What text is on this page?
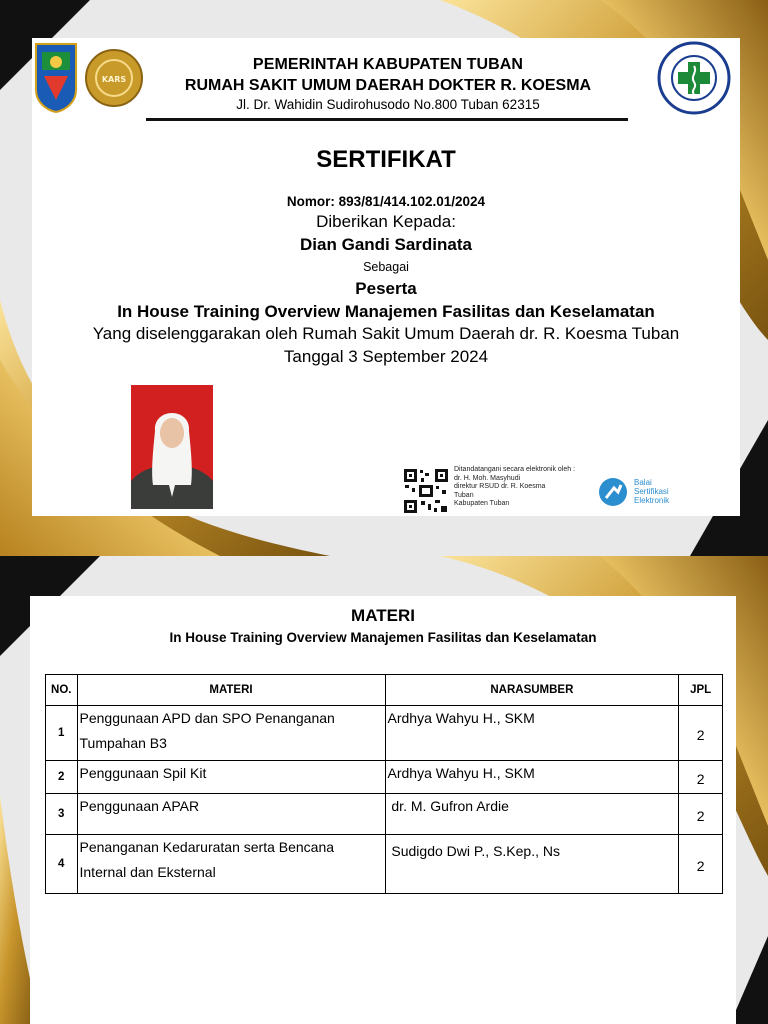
KARS
PEMERINTAH KABUPATEN TUBAN
RUMAH SAKIT UMUM DAERAH DOKTER R. KOESMA
Jl. Dr. Wahidin Sudirohusodo No.800 Tuban 62315
SERTIFIKAT
Nomor: 893/81/414.102.01/2024
Diberikan Kepada:
Dian Gandi Sardinata
Sebagai
Peserta
In House Training Overview Manajemen Fasilitas dan Keselamatan
Yang diselenggarakan oleh Rumah Sakit Umum Daerah dr. R. Koesma Tuban
Tanggal 3 September 2024
Ditandatangani secara elektronik oleh :
dr. H. Moh. Masyhudi
direktur RSUD dr. R. Koesma
Tuban
Kabupaten Tuban
Balai
Sertifikasi
Elektronik
MATERI
In House Training Overview Manajemen Fasilitas dan Keselamatan
NO.	MATERI	NARASUMBER	JPL
1	Penggunaan APD dan SPO Penanganan Tumpahan B3	Ardhya Wahyu H., SKM	2
2	Penggunaan Spil Kit	Ardhya Wahyu H., SKM	2
3	Penggunaan APAR	dr. M. Gufron Ardie	2
4	Penanganan Kedaruratan serta Bencana Internal dan Eksternal	Sudigdo Dwi P., S.Kep., Ns	2
